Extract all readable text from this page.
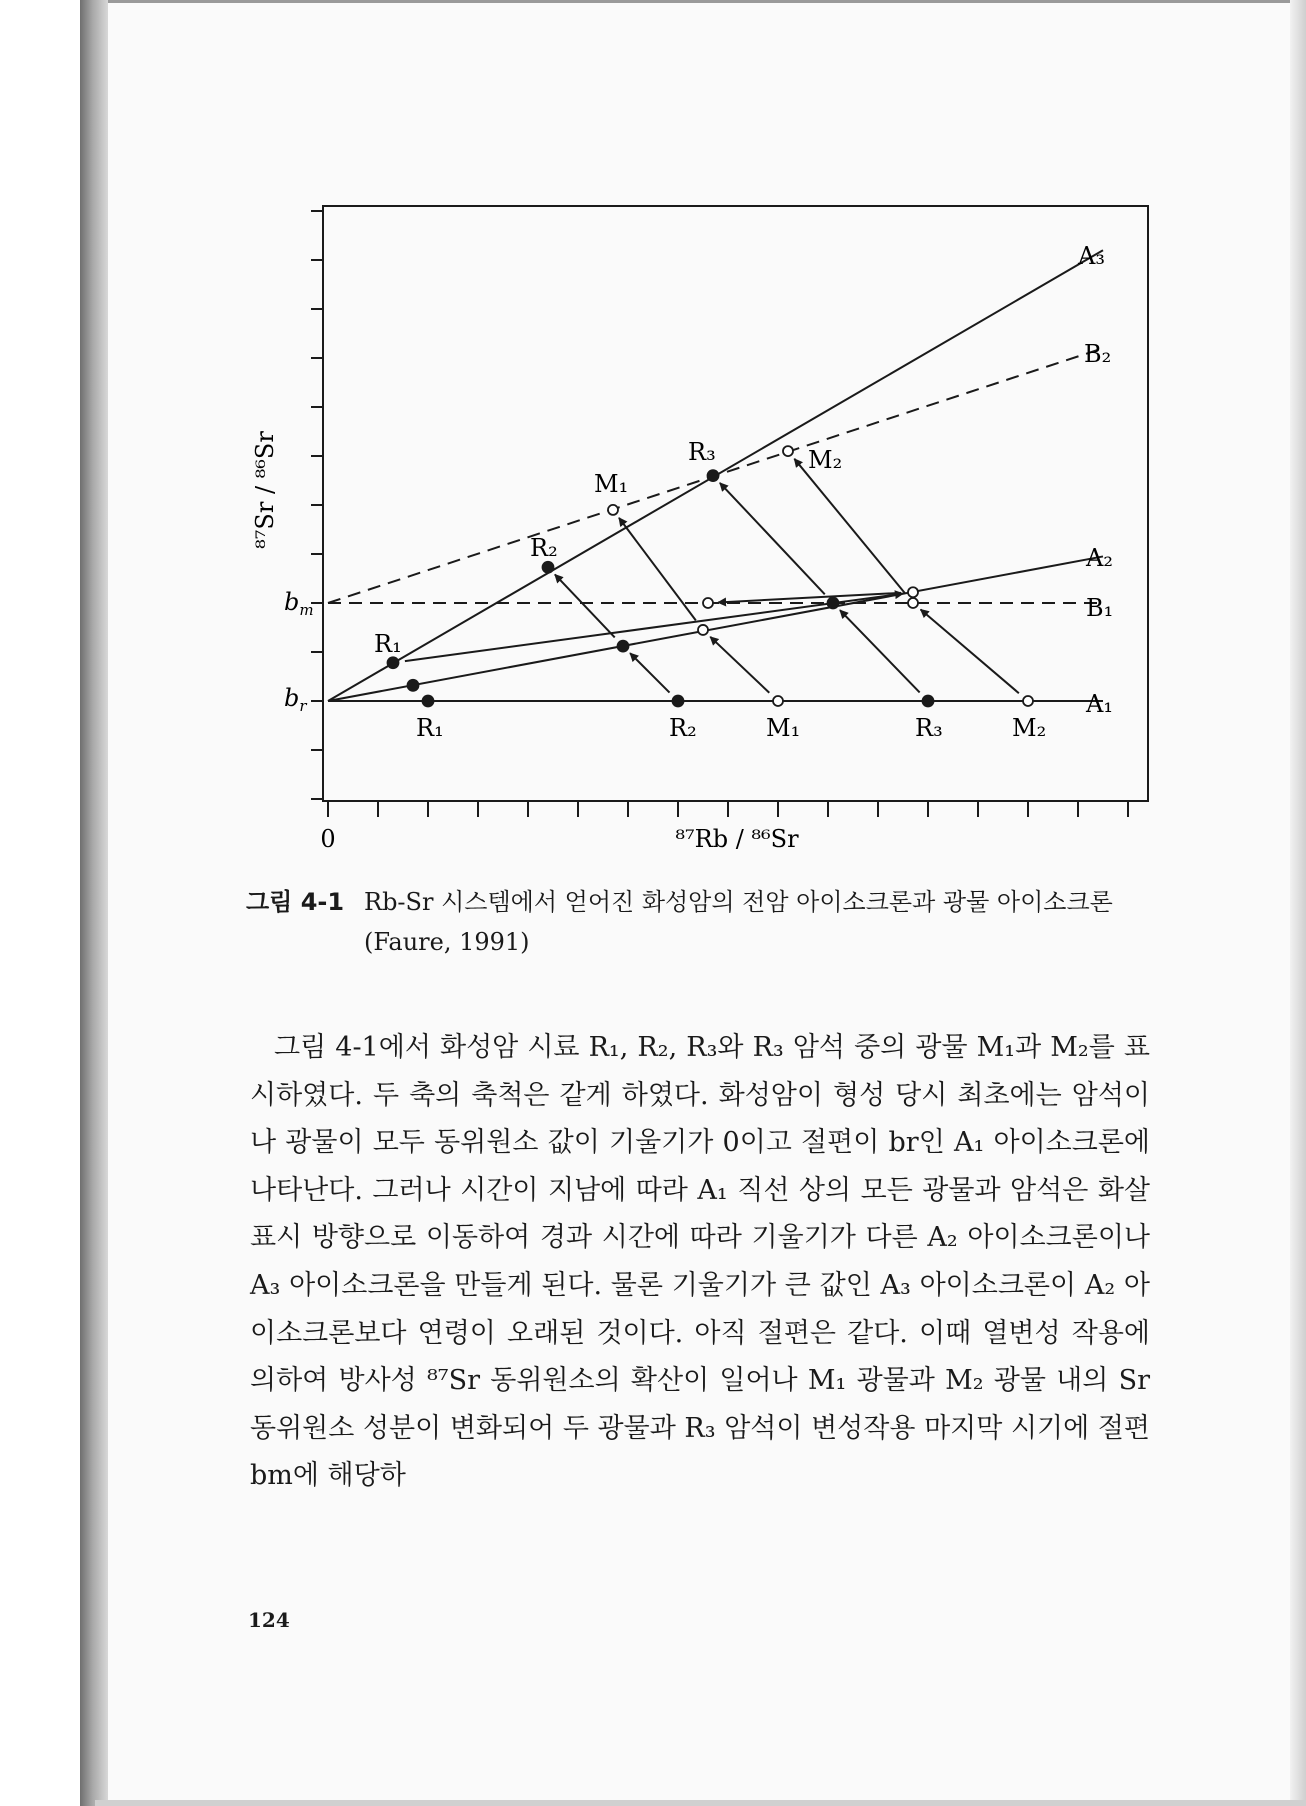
⁸⁷Sr / ⁸⁶Sr
⁸⁷Rb / ⁸⁶Sr
0
$b_m$
$b_r$
A₃
B₂
A₂
B₁
A₁
R₃
M₁
M₂
R₂
R₁
R₁	R₂	M₁	R₃	M₂
그림 4-1 Rb-Sr 시스템에서 얻어진 화성암의 전암 아이소크론과 광물 아이소크론
(Faure, 1991)

그림 4-1에서 화성암 시료 R₁, R₂, R₃와 R₃ 암석 중의 광물 M₁과 M₂를 표시하였다. 두 축의 축척은 같게 하였다. 화성암이 형성 당시 최초에는 암석이나 광물이 모두 동위원소 값이 기울기가 0이고 절편이 br인 A₁ 아이소크론에 나타난다. 그러나 시간이 지남에 따라 A₁ 직선 상의 모든 광물과 암석은 화살 표시 방향으로 이동하여 경과 시간에 따라 기울기가 다른 A₂ 아이소크론이나 A₃ 아이소크론을 만들게 된다. 물론 기울기가 큰 값인 A₃ 아이소크론이 A₂ 아이소크론보다 연령이 오래된 것이다. 아직 절편은 같다. 이때 열변성 작용에 의하여 방사성 ⁸⁷Sr 동위원소의 확산이 일어나 M₁ 광물과 M₂ 광물 내의 Sr 동위원소 성분이 변화되어 두 광물과 R₃ 암석이 변성작용 마지막 시기에 절편 bm에 해당하

124
